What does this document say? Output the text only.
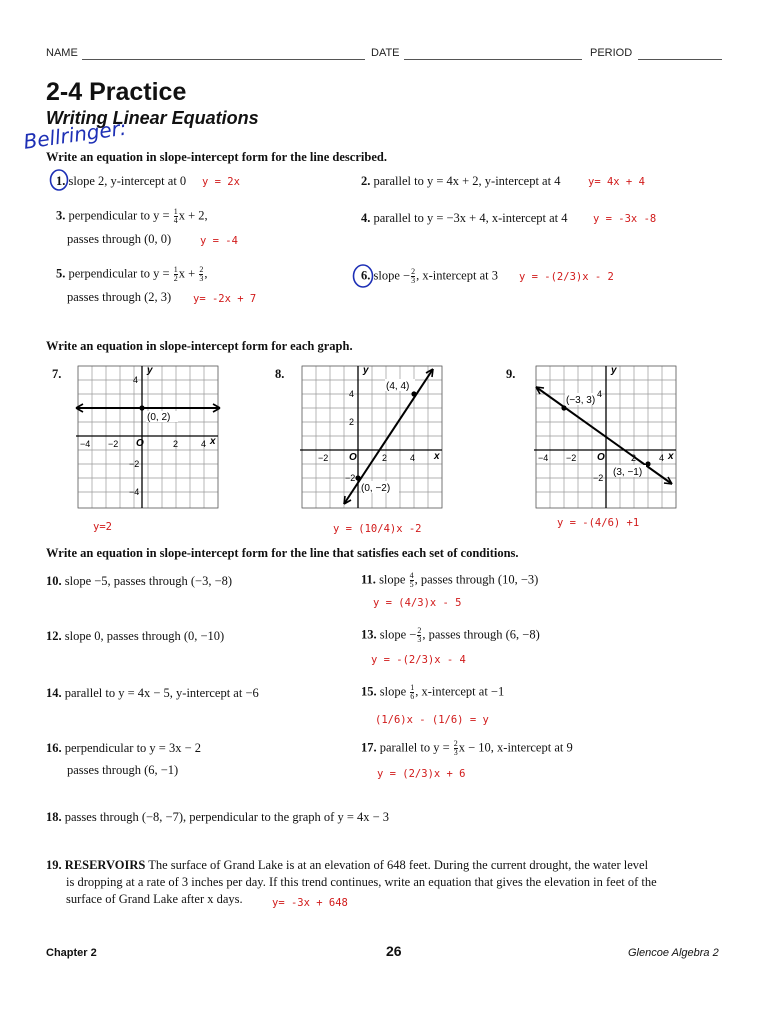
NAME	DATE	PERIOD
2-4 Practice
Writing Linear Equations
Bellringer:
Write an equation in slope-intercept form for the line described.
1. slope 2, y-intercept at 0 y = 2x	2. parallel to y = 4x + 2, y-intercept at 4	y= 4x + 4
3. perpendicular to $y = \frac{1}{4}$ x + 2,
passes through (0, 0)	y = -4
4. parallel to y = −3x + 4, x-intercept at 4 y = -3x -8
5. perpendicular to $y = \frac{1}{2}$ $x + \frac{2}{3}$ ,
passes through (2, 3) y= -2x + 7
6. slope − $\frac{2}{3}$ , x-intercept at 3 y = -(2/3)x - 2
Write an equation in slope-intercept form for each graph.
7.	8.	9.
(0, 2)
x
y
O
−4 −2	2	4
4
−2
−4
(4, 4)
(0, −2)
x
y
O
−2	2	4
4
2
−2
(−3, 3)
(3, −1)
x
y
O
−4 −2	2	4
4
−2
y=2	y = (10/4)x -2	y = -(4/6) +1
Write an equation in slope-intercept form for the line that satisfies each set of conditions.
10. slope −5, passes through (−3, −8)	11. slope $\frac{4}{5}$ , passes through (10, −3)
y = (4/3)x - 5
12. slope 0, passes through (0, −10)	13. slope − $\frac{2}{3}$ , passes through (6, −8)
y = -(2/3)x - 4
14. parallel to y = 4x − 5, y-intercept at −6	15. slope $\frac{1}{6}$ , x-intercept at −1
(1/6)x - (1/6) = y
16. perpendicular to y = 3x − 2
passes through (6, −1)
17. parallel to $y = \frac{2}{3}$ x − 10, x-intercept at 9
y = (2/3)x + 6
18. passes through (−8, −7), perpendicular to the graph of y = 4x − 3
19. RESERVOIRS The surface of Grand Lake is at an elevation of 648 feet. During the current drought, the water level
is dropping at a rate of 3 inches per day. If this trend continues, write an equation that gives the elevation in feet of the
surface of Grand Lake after x days.	y= -3x + 648
Chapter 2	26	Glencoe Algebra 2
